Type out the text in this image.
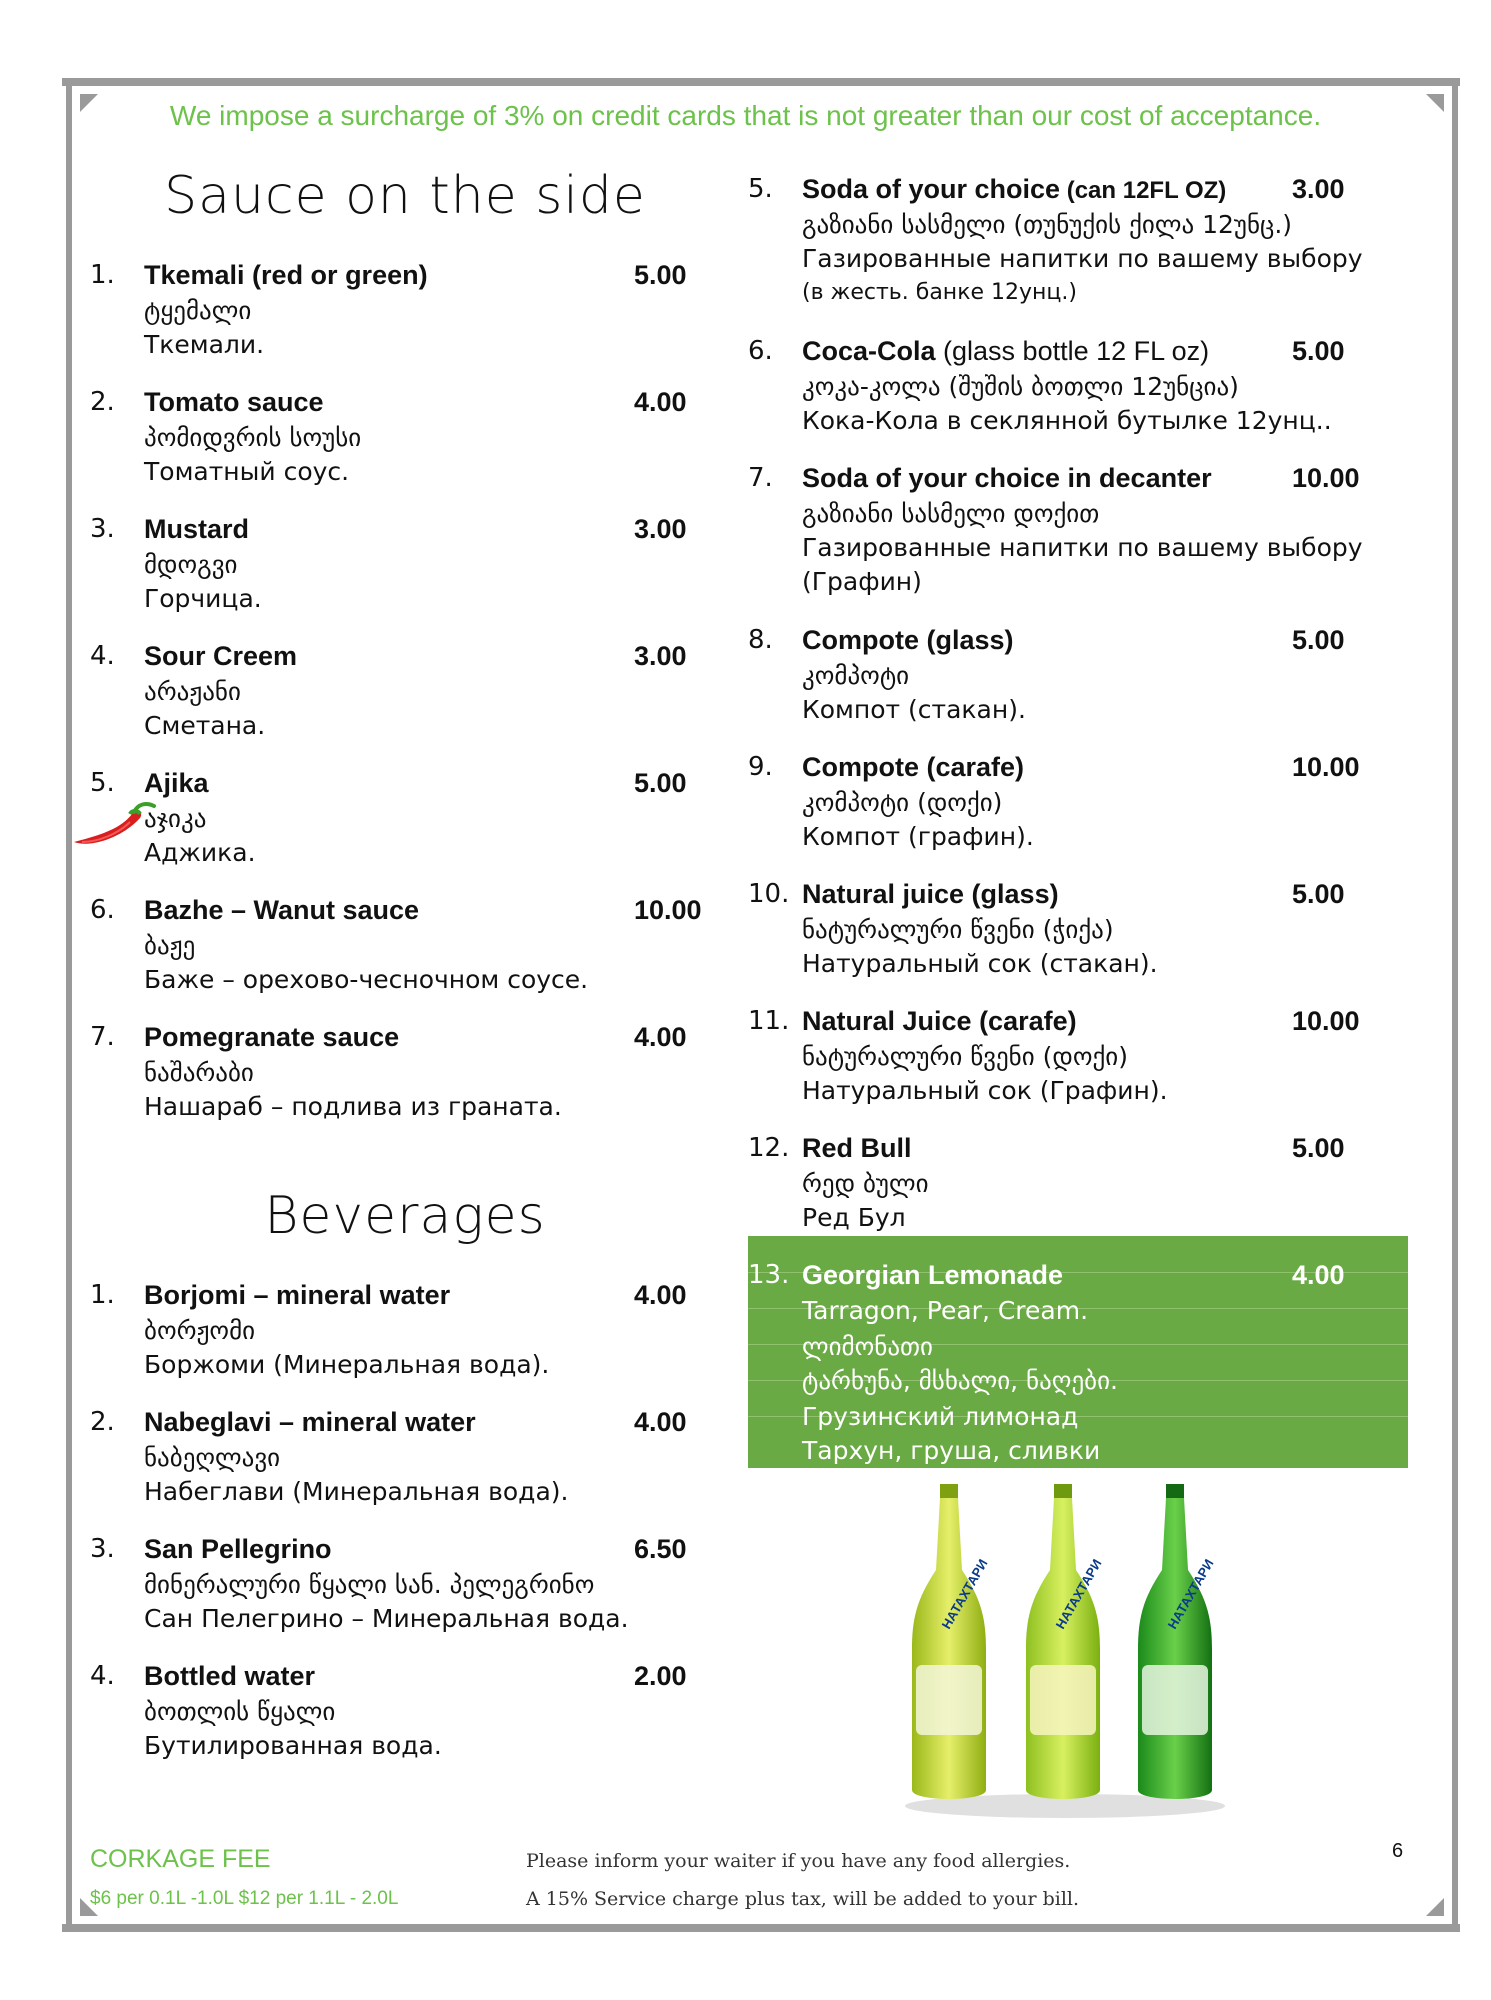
We impose a surcharge of 3% on credit cards that is not greater than our cost of acceptance.
Sauce on the side
1. Tkemali (red or green)	5.00
ტყემალი
Ткемали.
2. Tomato sauce	4.00
პომიდვრის სოუსი
Томатный соус.
3. Mustard	3.00
მდოგვი
Горчица.
4. Sour Creem	3.00
არაჟანი
Сметана.
5. Ajika	5.00
აჯიკა
Аджика.
6. Bazhe – Wanut sauce	10.00
ბაჟე
Баже – орехово-чесночном соусе.
7. Pomegranate sauce	4.00
ნაშარაბი
Нашараб – подлива из граната.
Beverages
1. Borjomi – mineral water	4.00
ბორჟომი
Боржоми (Минеральная вода).
2. Nabeglavi – mineral water	4.00
ნაბეღლავი
Набеглави (Минеральная вода).
3. San Pellegrino	6.50
მინერალური წყალი სან. პელეგრინო
Сан Пелегрино – Минеральная вода.
4. Bottled water	2.00
ბოთლის წყალი
Бутилированная вода.
5. Soda of your choice (can 12FL OZ) 3.00
გაზიანი სასმელი (თუნუქის ქილა 12უნც.)
Газированные напитки по вашему выбору
(в жесть. банке 12унц.)
6. Coca-Cola (glass bottle 12 FL oz)	5.00
კოკა-კოლა (შუშის ბოთლი 12უნცია)
Кока-Кола в секлянной бутылке 12унц..
7. Soda of your choice in decanter	10.00
გაზიანი სასმელი დოქით
Газированные напитки по вашему выбору
(Графин)
8. Compote (glass)	5.00
კომპოტი
Компот (стакан).
9. Compote (carafe)	10.00
კომპოტი (დოქი)
Компот (графин).
10. Natural juice (glass)	5.00
ნატურალური წვენი (ჭიქა)
Натуральный сок (стакан).
11. Natural Juice (carafe)	10.00
ნატურალური წვენი (დოქი)
Натуральный сок (Графин).
12. Red Bull	5.00
რედ ბული
Ред Бул
13. Georgian Lemonade	4.00
Tarragon, Pear, Cream.
ლიმონათი
ტარხუნა, მსხალი, ნაღები.
Грузинский лимонад
Тархун, груша, сливки
НАТАХТАРИ	НАТАХТАРИ	НАТАХТАРИ
CORKAGE FEE
$6 per 0.1L -1.0L $12 per 1.1L - 2.0L
Please inform your waiter if you have any food allergies.
A 15% Service charge plus tax, will be added to your bill.
6
